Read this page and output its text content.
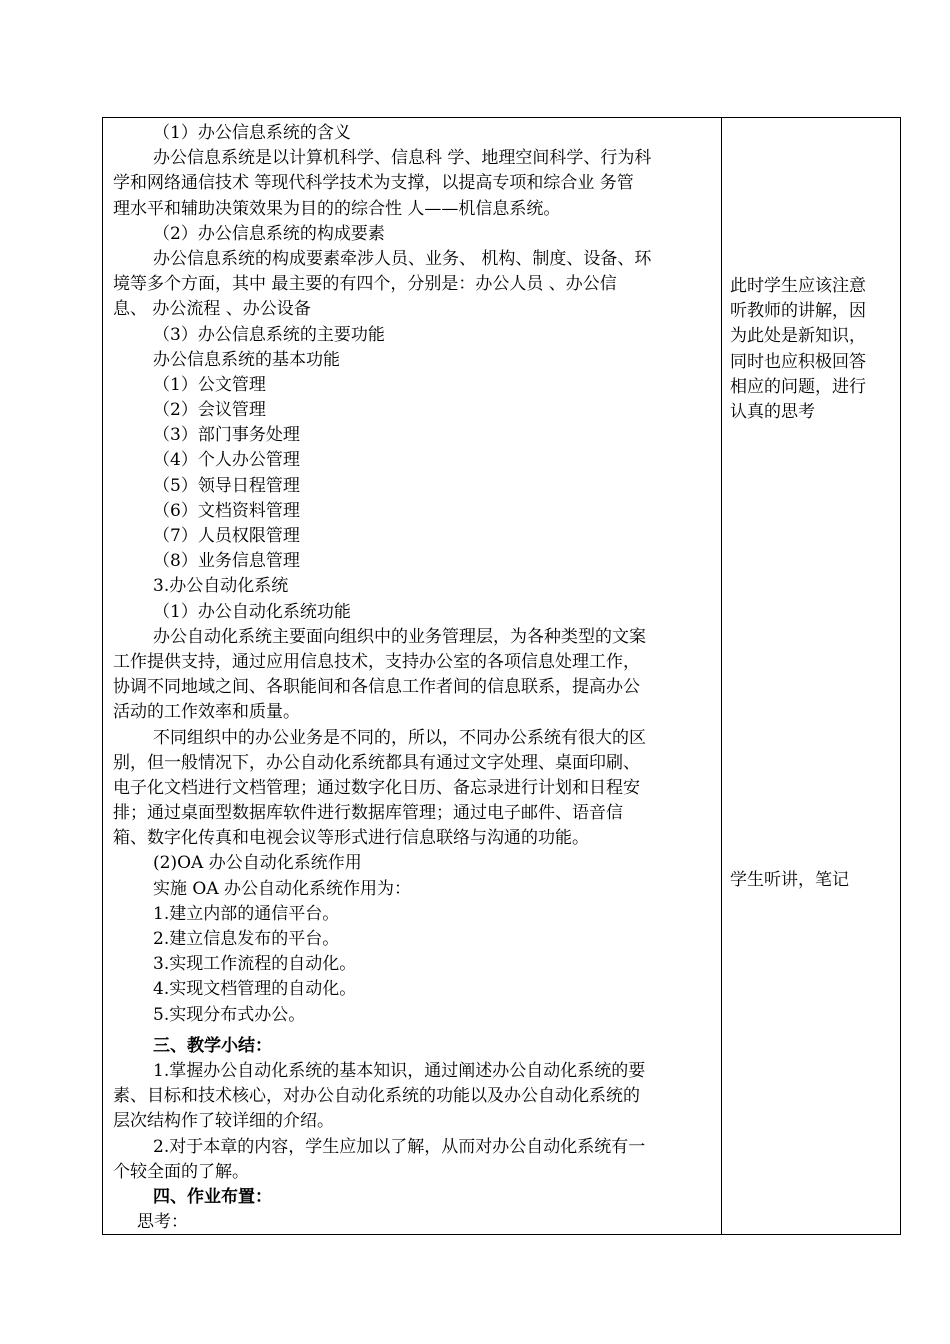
（1）办公信息系统的含义
办公信息系统是以计算机科学、信息科 学、地理空间科学、行为科
学和网络通信技术 等现代科学技术为支撑，以提高专项和综合业 务管
理水平和辅助决策效果为目的的综合性 人——机信息系统。
（2）办公信息系统的构成要素
办公信息系统的构成要素牵涉人员、业务、 机构、制度、设备、环
境等多个方面，其中 最主要的有四个，分别是：办公人员 、办公信
息、 办公流程 、办公设备
（3）办公信息系统的主要功能
办公信息系统的基本功能
（1）公文管理
（2）会议管理
（3）部门事务处理
（4）个人办公管理
（5）领导日程管理
（6）文档资料管理
（7）人员权限管理
（8）业务信息管理
3.办公自动化系统
（1）办公自动化系统功能
办公自动化系统主要面向组织中的业务管理层，为各种类型的文案
工作提供支持，通过应用信息技术，支持办公室的各项信息处理工作，
协调不同地域之间、各职能间和各信息工作者间的信息联系，提高办公
活动的工作效率和质量。
不同组织中的办公业务是不同的，所以，不同办公系统有很大的区
别，但一般情况下，办公自动化系统都具有通过文字处理、桌面印刷、
电子化文档进行文档管理；通过数字化日历、备忘录进行计划和日程安
排；通过桌面型数据库软件进行数据库管理；通过电子邮件、语音信
箱、数字化传真和电视会议等形式进行信息联络与沟通的功能。
(2)OA 办公自动化系统作用
实施 OA 办公自动化系统作用为：
1.建立内部的通信平台。
2.建立信息发布的平台。
3.实现工作流程的自动化。
4.实现文档管理的自动化。
5.实现分布式办公。
三、教学小结：
1.掌握办公自动化系统的基本知识，通过阐述办公自动化系统的要
素、目标和技术核心，对办公自动化系统的功能以及办公自动化系统的
层次结构作了较详细的介绍。
2.对于本章的内容，学生应加以了解，从而对办公自动化系统有一
个较全面的了解。
四、作业布置：
思考：
此时学生应该注意
听教师的讲解，因
为此处是新知识，
同时也应积极回答
相应的问题，进行
认真的思考
学生听讲，笔记
